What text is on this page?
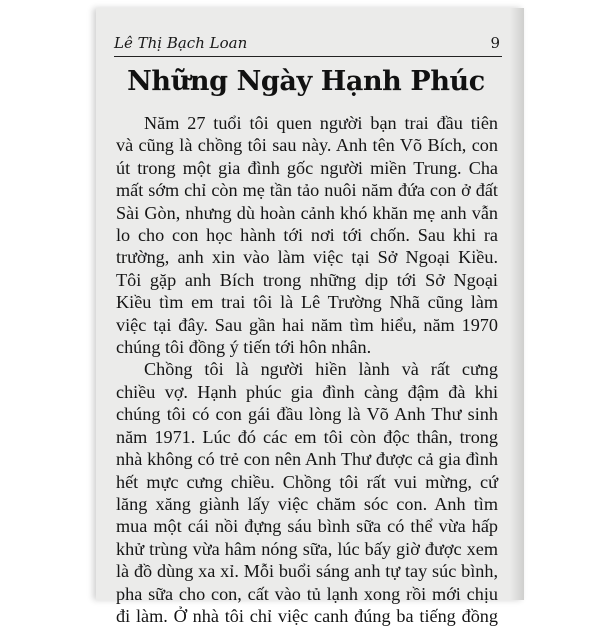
Lê Thị Bạch Loan	9
Những Ngày Hạnh Phúc
Năm 27 tuổi tôi quen người bạn trai đầu tiên
và cũng là chồng tôi sau này. Anh tên Võ Bích, con
út trong một gia đình gốc người miền Trung. Cha
mất sớm chỉ còn mẹ tần tảo nuôi năm đứa con ở đất
Sài Gòn, nhưng dù hoàn cảnh khó khăn mẹ anh vẫn
lo cho con học hành tới nơi tới chốn. Sau khi ra
trường, anh xin vào làm việc tại Sở Ngoại Kiều.
Tôi gặp anh Bích trong những dịp tới Sở Ngoại
Kiều tìm em trai tôi là Lê Trường Nhã cũng làm
việc tại đây. Sau gần hai năm tìm hiểu, năm 1970
chúng tôi đồng ý tiến tới hôn nhân.
Chồng tôi là người hiền lành và rất cưng
chiều vợ. Hạnh phúc gia đình càng đậm đà khi
chúng tôi có con gái đầu lòng là Võ Anh Thư sinh
năm 1971. Lúc đó các em tôi còn độc thân, trong
nhà không có trẻ con nên Anh Thư được cả gia đình
hết mực cưng chiều. Chồng tôi rất vui mừng, cứ
lăng xăng giành lấy việc chăm sóc con. Anh tìm
mua một cái nồi đựng sáu bình sữa có thể vừa hấp
khử trùng vừa hâm nóng sữa, lúc bấy giờ được xem
là đồ dùng xa xỉ. Mỗi buổi sáng anh tự tay súc bình,
pha sữa cho con, cất vào tủ lạnh xong rồi mới chịu
đi làm. Ở nhà tôi chỉ việc canh đúng ba tiếng đồng
